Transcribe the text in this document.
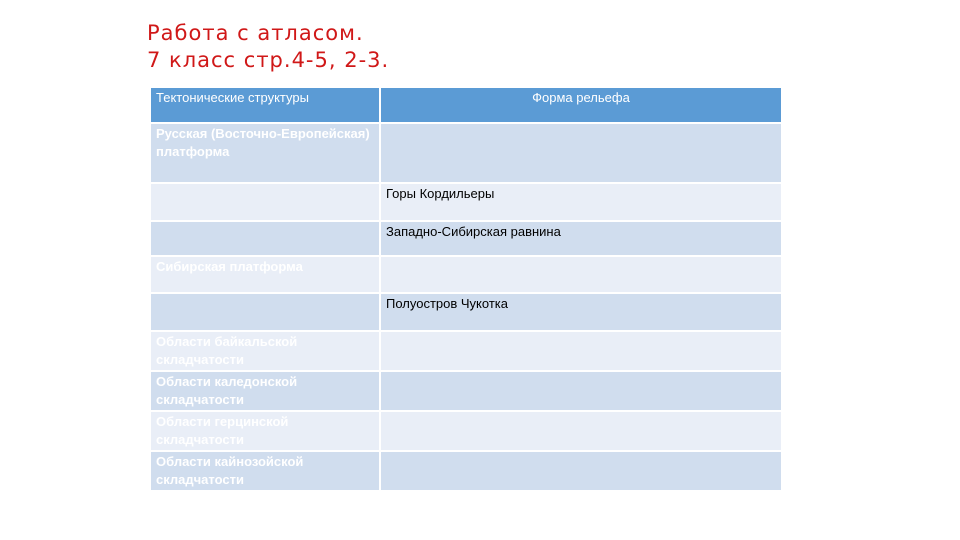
Работа с атласом.
7 класс стр.4-5, 2-3.
Тектонические структуры	Форма рельефа
Русская (Восточно-Европейская) платформа	
	Горы Кордильеры
	Западно-Сибирская равнина
Сибирская платформа	
	Полуостров Чукотка
Области байкальской складчатости	
Области каледонской складчатости	
Области герцинской складчатости	
Области кайнозойской складчатости	
